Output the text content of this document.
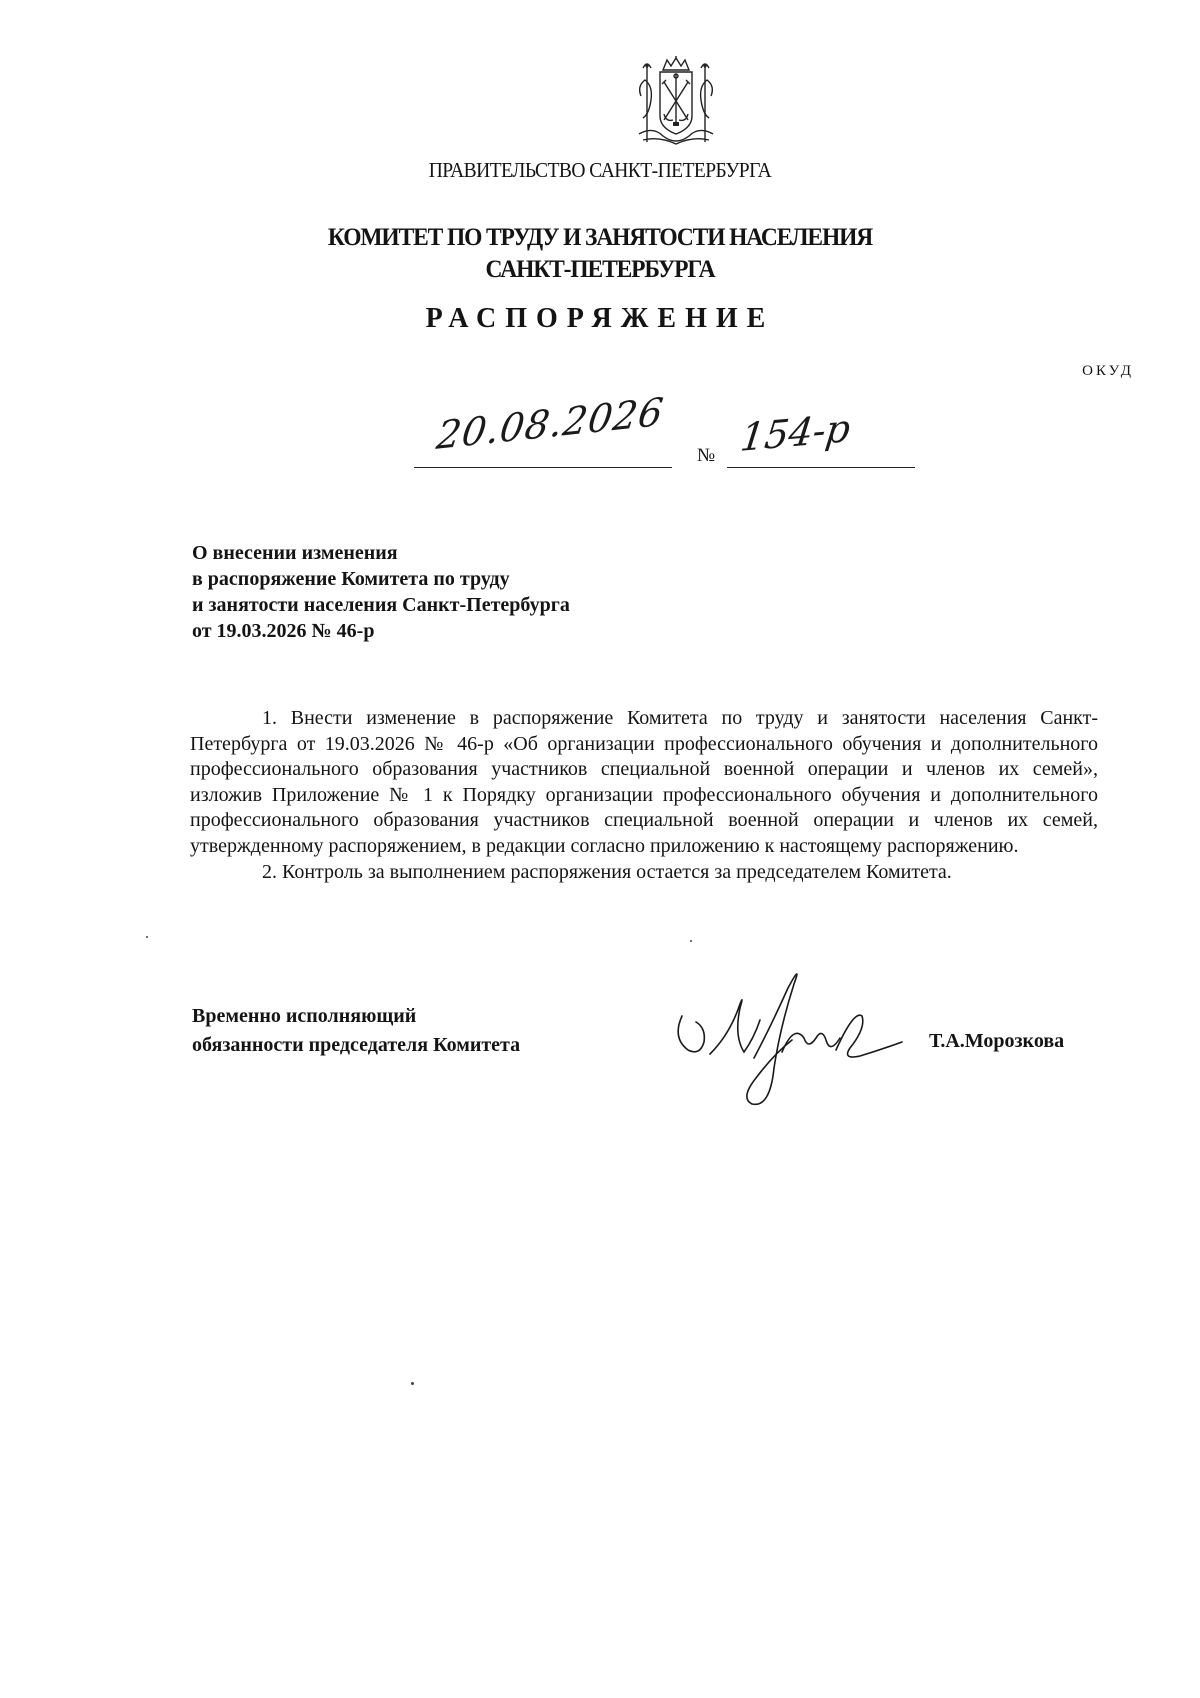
ПРАВИТЕЛЬСТВО САНКТ-ПЕТЕРБУРГА
КОМИТЕТ ПО ТРУДУ И ЗАНЯТОСТИ НАСЕЛЕНИЯ
САНКТ-ПЕТЕРБУРГА
РАСПОРЯЖЕНИЕ
ОКУД
20.08.2026 № 154-р
О внесении изменения
в распоряжение Комитета по труду
и занятости населения Санкт-Петербурга
от 19.03.2026 № 46-р

1. Внести изменение в распоряжение Комитета по труду и занятости населения Санкт-Петербурга от 19.03.2026 № 46-р «Об организации профессионального обучения и дополнительного профессионального образования участников специальной военной операции и членов их семей», изложив Приложение № 1 к Порядку организации профессионального обучения и дополнительного профессионального образования участников специальной военной операции и членов их семей, утвержденному распоряжением, в редакции согласно приложению к настоящему распоряжению.

2. Контроль за выполнением распоряжения остается за председателем Комитета.

Временно исполняющий
обязанности председателя Комитета	Т.А.Морозкова
